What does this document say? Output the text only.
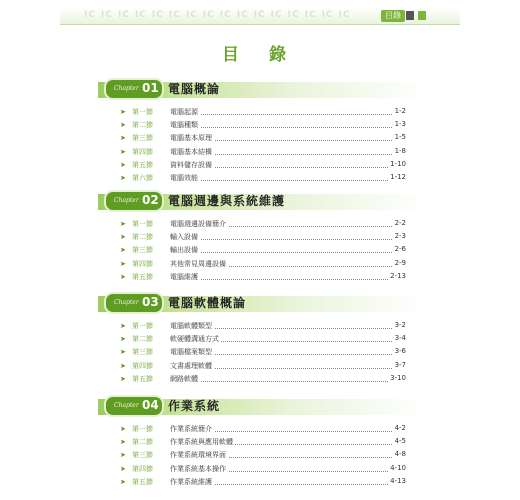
IC IC IC IC IC IC IC IC IC IC IC IC IC IC IC IC	目錄
目 錄
Chapter 01 電腦概論
➤ 第一節 電腦起源	1-2
➤ 第二節 電腦種類	1-3
➤ 第三節 電腦基本原理	1-5
➤ 第四節 電腦基本結構	1-8
➤ 第五節 資料儲存設備	1-10
➤ 第六節 電腦效能	1-12
Chapter 02 電腦週邊與系統維護
➤ 第一節 電腦週邊設備簡介	2-2
➤ 第二節 輸入設備	2-3
➤ 第三節 輸出設備	2-6
➤ 第四節 其他常見周邊設備	2-9
➤ 第五節 電腦維護	2-13
Chapter 03 電腦軟體概論
➤ 第一節 電腦軟體類型	3-2
➤ 第二節 軟硬體溝通方式	3-4
➤ 第三節 電腦檔案類型	3-6
➤ 第四節 文書處理軟體	3-7
➤ 第五節 網路軟體	3-10
Chapter 04 作業系統
➤ 第一節 作業系統簡介	4-2
➤ 第二節 作業系統與應用軟體	4-5
➤ 第三節 作業系統環境界面	4-8
➤ 第四節 作業系統基本操作	4-10
➤ 第五節 作業系統維護	4-13
